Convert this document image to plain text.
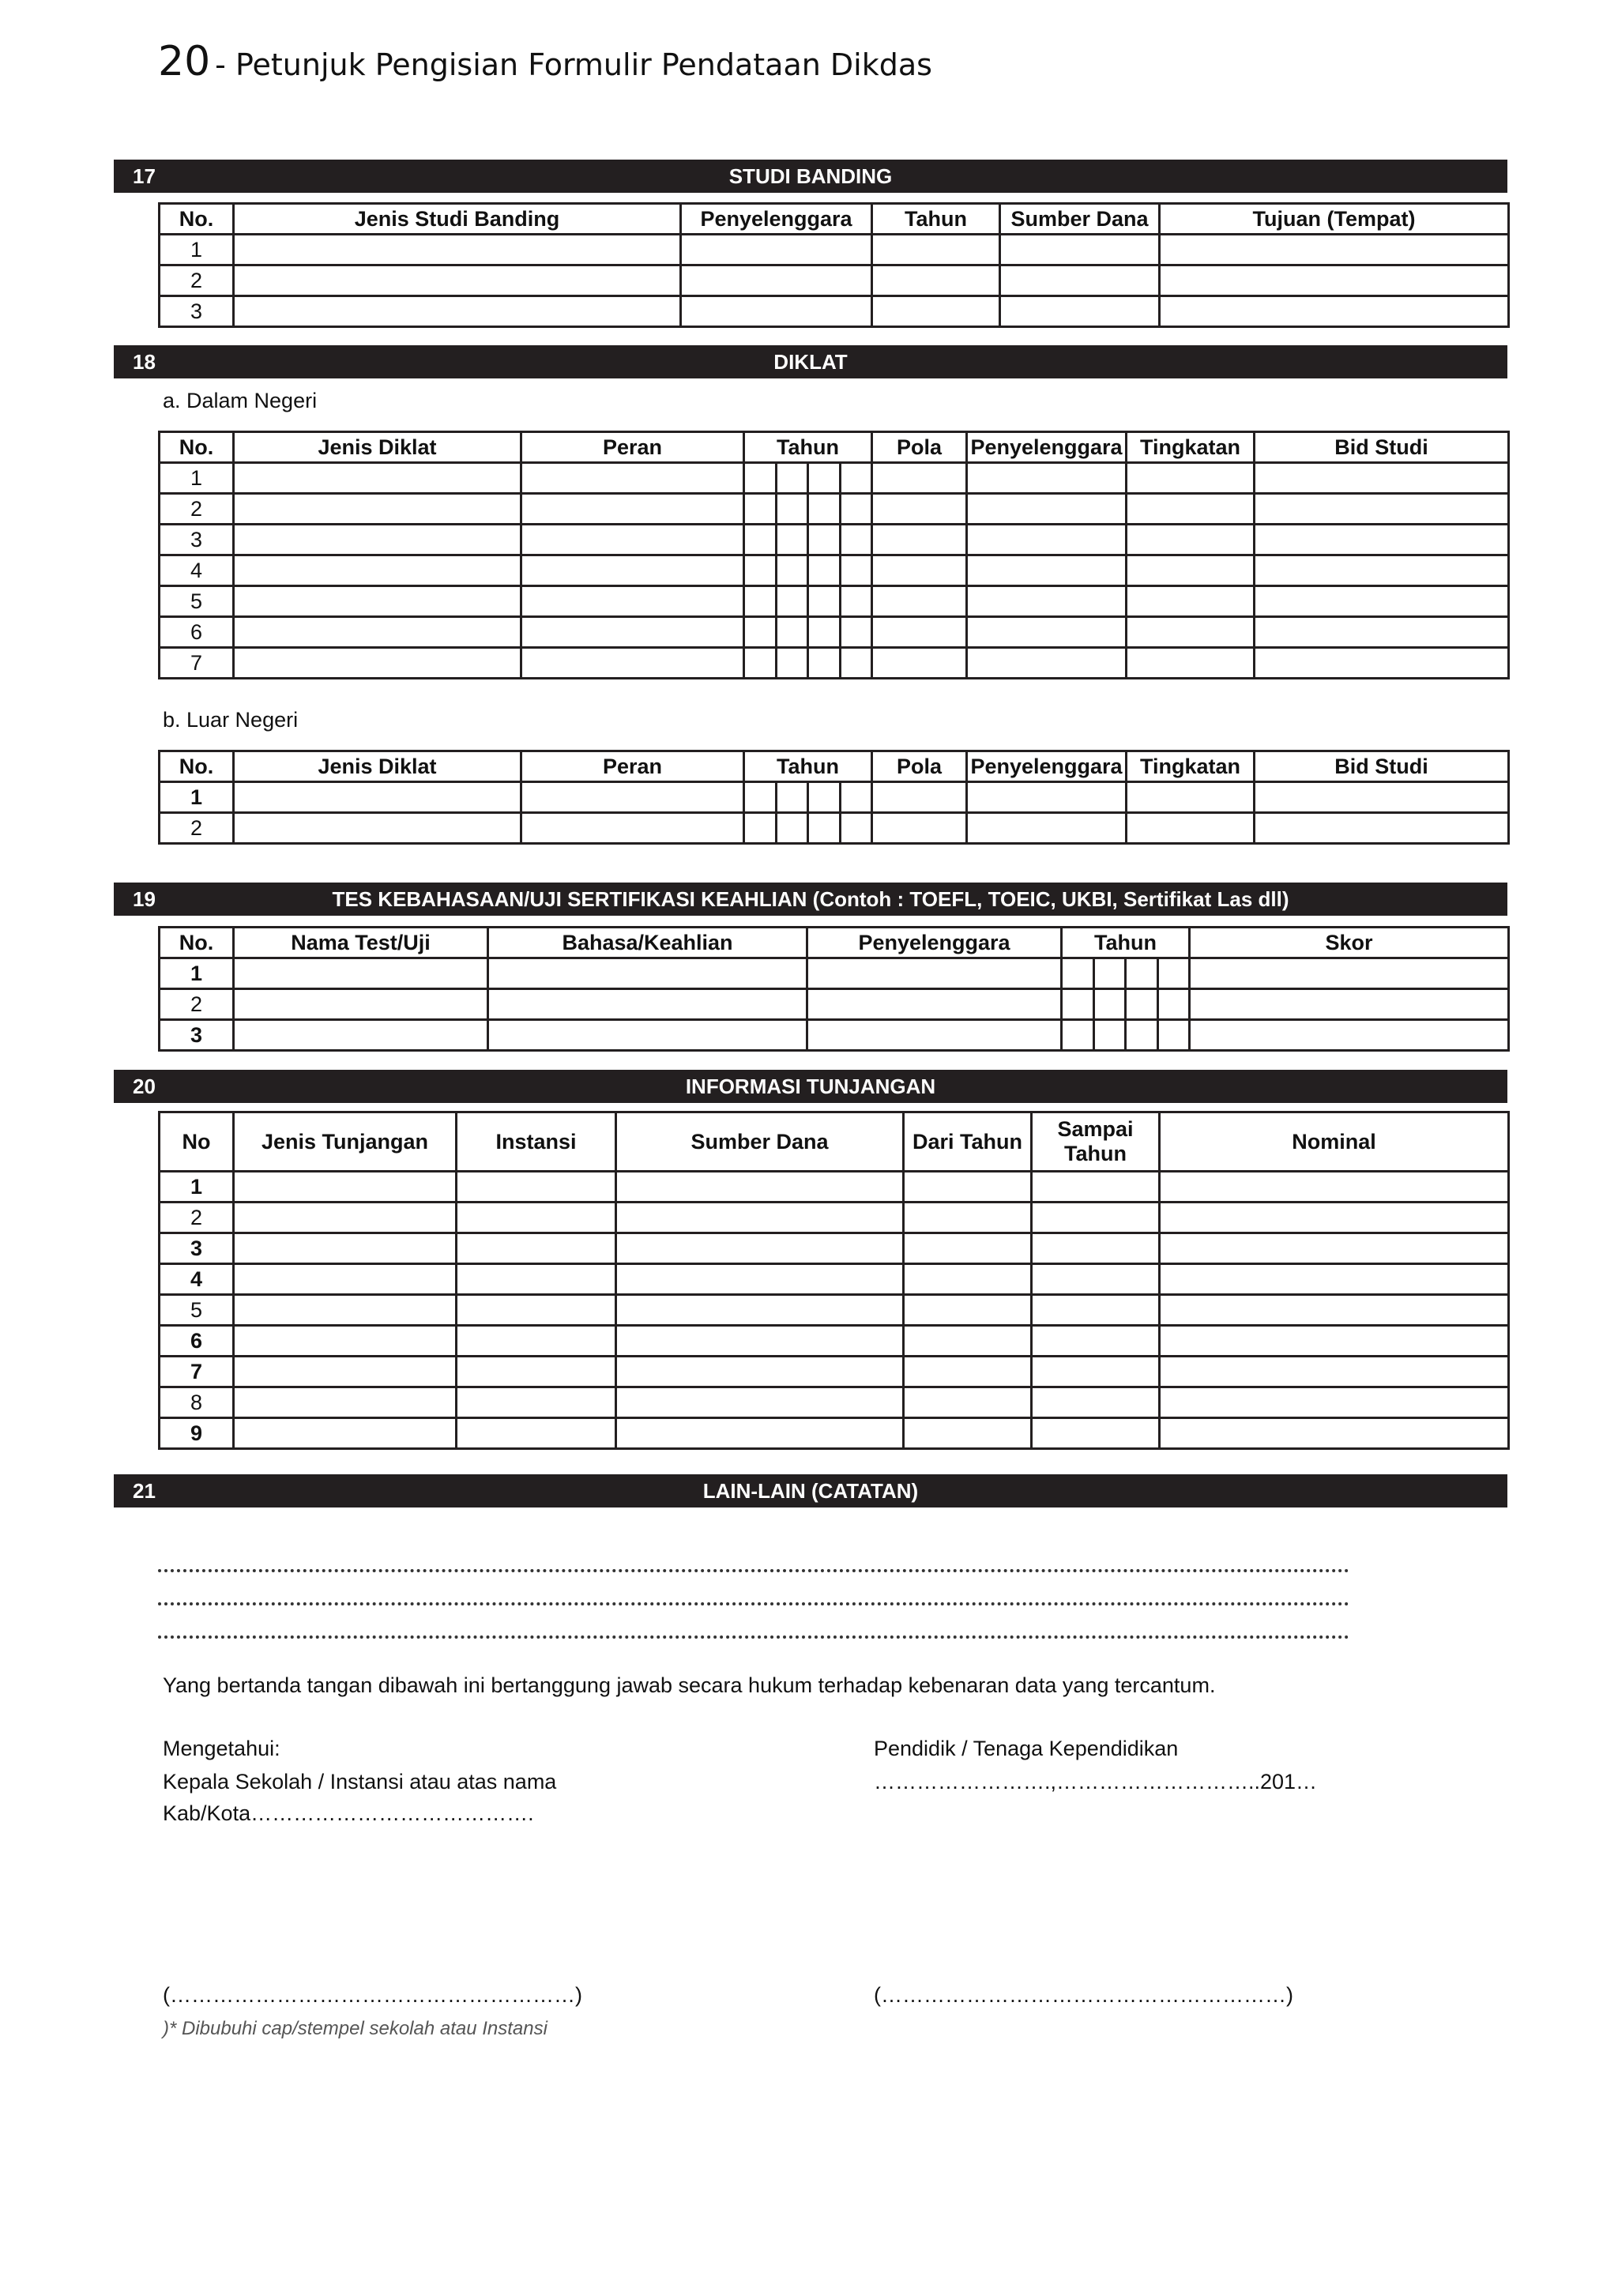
20 - Petunjuk Pengisian Formulir Pendataan Dikdas
17	STUDI BANDING
No.	Jenis Studi Banding	Penyelenggara	Tahun	Sumber Dana	Tujuan (Tempat)
1					
2					
3					
18	DIKLAT
a. Dalam Negeri
No.	Jenis Diklat	Peran	Tahun	Pola	Penyelenggara	Tingkatan	Bid Studi
1			

2			

3			

4			

5			

6			

7			

b. Luar Negeri
No.	Jenis Diklat	Peran	Tahun	Pola	Penyelenggara	Tingkatan	Bid Studi
1			

2			

19	TES KEBAHASAAN/UJI SERTIFIKASI KEAHLIAN (Contoh : TOEFL, TOEIC, UKBI, Sertifikat Las dll)
No.	Nama Test/Uji	Bahasa/Keahlian	Penyelenggara	Tahun	Skor
1				

2				

3				

20	INFORMASI TUNJANGAN
No	Jenis Tunjangan	Instansi	Sumber Dana	Dari Tahun	Sampai Tahun	Nominal
1						
2						
3						
4						
5						
6						
7						
8						
9						
21	LAIN-LAIN (CATATAN)
Yang bertanda tangan dibawah ini bertanggung jawab secara hukum terhadap kebenaran data yang tercantum.
Mengetahui:
Kepala Sekolah / Instansi atau atas nama
Kab/Kota………………………………….
Pendidik / Tenaga Kependidikan
…………………….,………………………..201…
(…………………………………………………)	(…………………………………………………)
)* Dibubuhi cap/stempel sekolah atau Instansi
